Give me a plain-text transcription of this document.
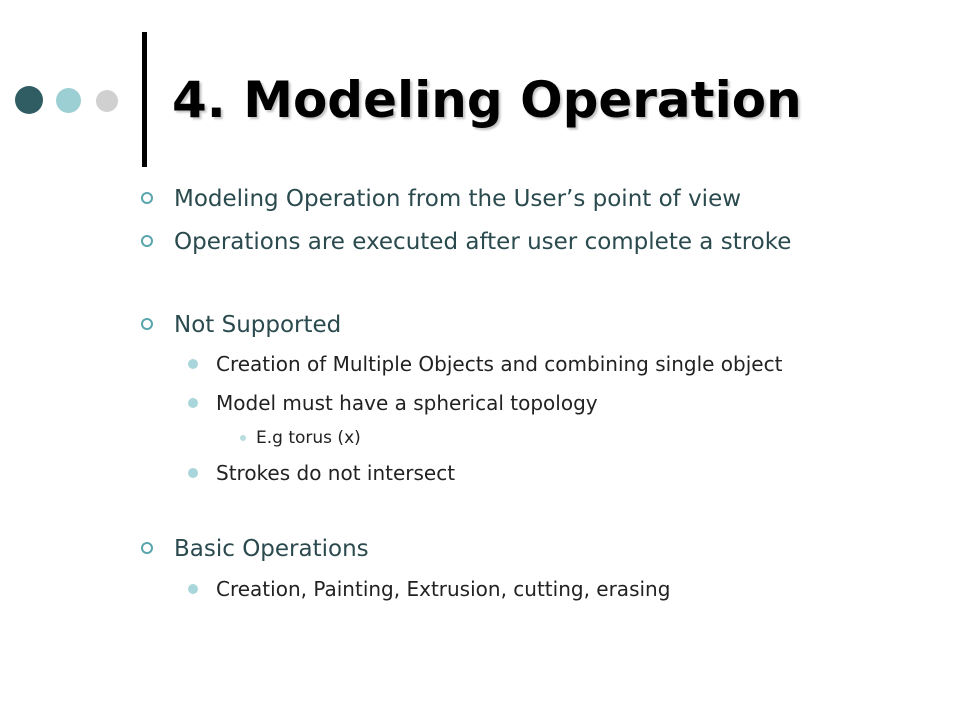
4. Modeling Operation
Modeling Operation from the User’s point of view
Operations are executed after user complete a stroke
Not Supported
Creation of Multiple Objects and combining single object
Model must have a spherical topology
E.g torus (x)
Strokes do not intersect
Basic Operations
Creation, Painting, Extrusion, cutting, erasing
